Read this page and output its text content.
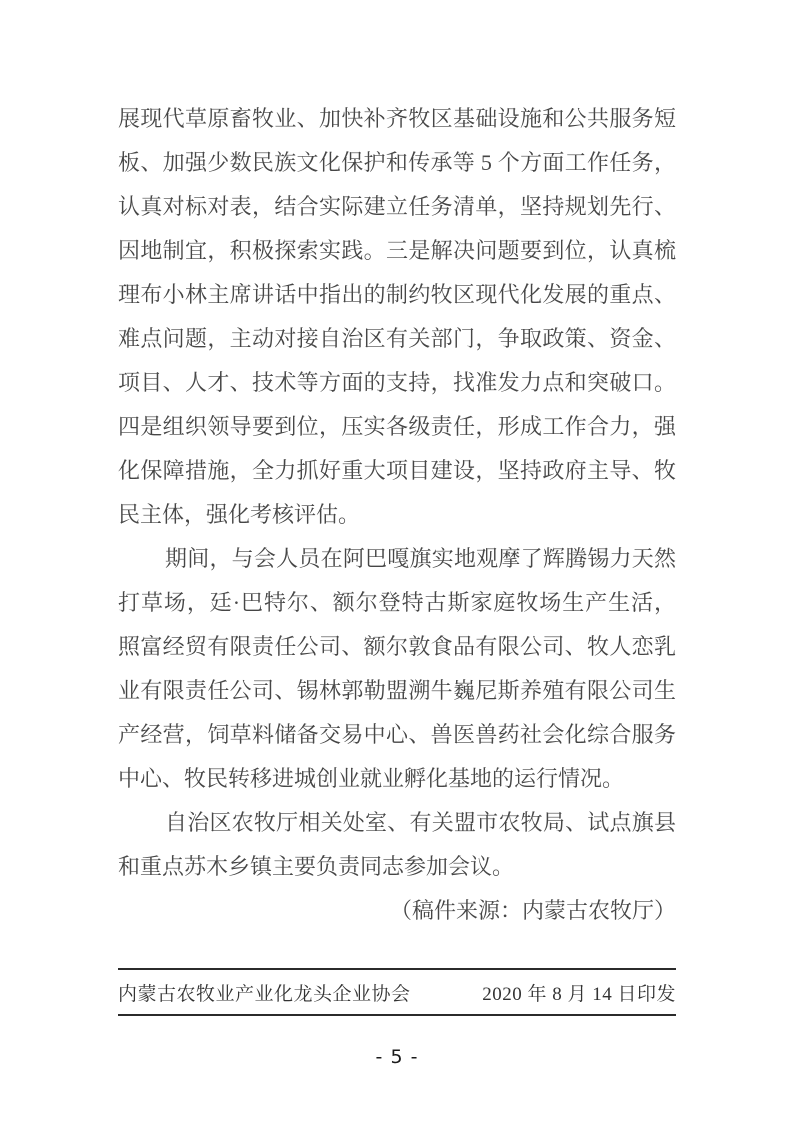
展现代草原畜牧业、加快补齐牧区基础设施和公共服务短
板、加强少数民族文化保护和传承等 5 个方面工作任务，
认真对标对表，结合实际建立任务清单，坚持规划先行、
因地制宜，积极探索实践。三是解决问题要到位，认真梳
理布小林主席讲话中指出的制约牧区现代化发展的重点、
难点问题，主动对接自治区有关部门，争取政策、资金、
项目、人才、技术等方面的支持，找准发力点和突破口。
四是组织领导要到位，压实各级责任，形成工作合力，强
化保障措施，全力抓好重大项目建设，坚持政府主导、牧
民主体，强化考核评估。
期间，与会人员在阿巴嘎旗实地观摩了辉腾锡力天然
打草场，廷·巴特尔、额尔登特古斯家庭牧场生产生活，
照富经贸有限责任公司、额尔敦食品有限公司、牧人恋乳
业有限责任公司、锡林郭勒盟溯牛巍尼斯养殖有限公司生
产经营，饲草料储备交易中心、兽医兽药社会化综合服务
中心、牧民转移进城创业就业孵化基地的运行情况。
自治区农牧厅相关处室、有关盟市农牧局、试点旗县
和重点苏木乡镇主要负责同志参加会议。
（稿件来源：内蒙古农牧厅）
内蒙古农牧业产业化龙头企业协会	2020 年 8 月 14 日印发
- 5 -
